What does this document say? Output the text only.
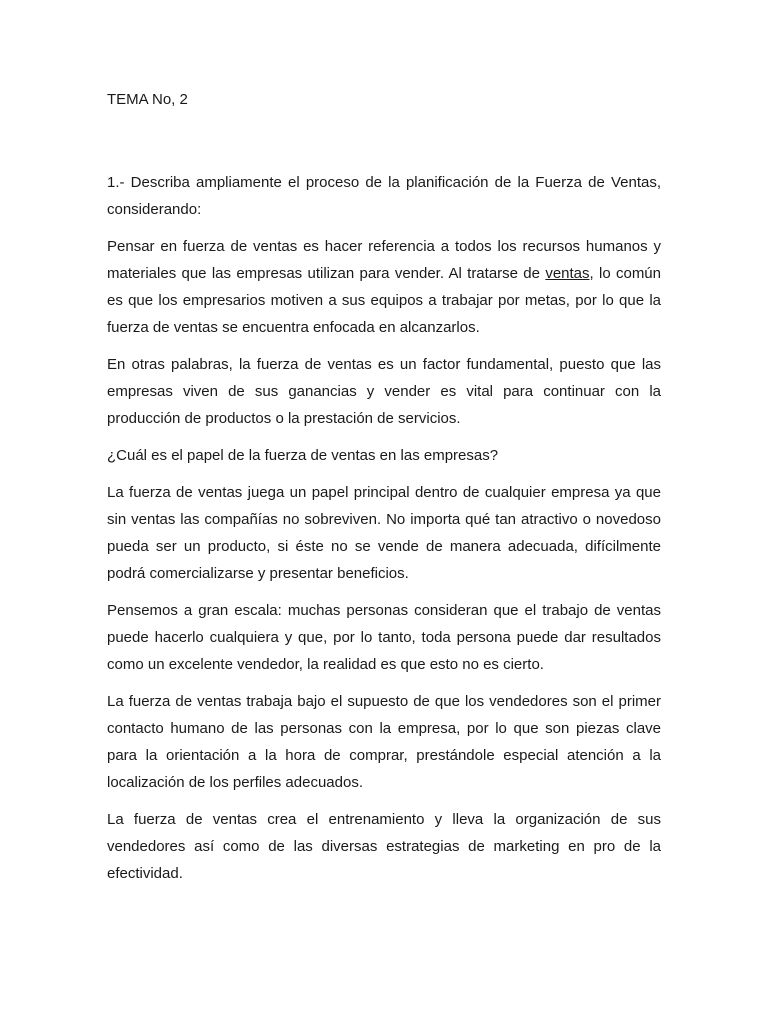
TEMA No, 2

1.- Describa ampliamente el proceso de la planificación de la Fuerza de Ventas, considerando:

Pensar en fuerza de ventas es hacer referencia a todos los recursos humanos y materiales que las empresas utilizan para vender. Al tratarse de ventas, lo común es que los empresarios motiven a sus equipos a trabajar por metas, por lo que la fuerza de ventas se encuentra enfocada en alcanzarlos.

En otras palabras, la fuerza de ventas es un factor fundamental, puesto que las empresas viven de sus ganancias y vender es vital para continuar con la producción de productos o la prestación de servicios.

¿Cuál es el papel de la fuerza de ventas en las empresas?

La fuerza de ventas juega un papel principal dentro de cualquier empresa ya que sin ventas las compañías no sobreviven. No importa qué tan atractivo o novedoso pueda ser un producto, si éste no se vende de manera adecuada, difícilmente podrá comercializarse y presentar beneficios.

Pensemos a gran escala: muchas personas consideran que el trabajo de ventas puede hacerlo cualquiera y que, por lo tanto, toda persona puede dar resultados como un excelente vendedor, la realidad es que esto no es cierto.

La fuerza de ventas trabaja bajo el supuesto de que los vendedores son el primer contacto humano de las personas con la empresa, por lo que son piezas clave para la orientación a la hora de comprar, prestándole especial atención a la localización de los perfiles adecuados.

La fuerza de ventas crea el entrenamiento y lleva la organización de sus vendedores así como de las diversas estrategias de marketing en pro de la efectividad.
